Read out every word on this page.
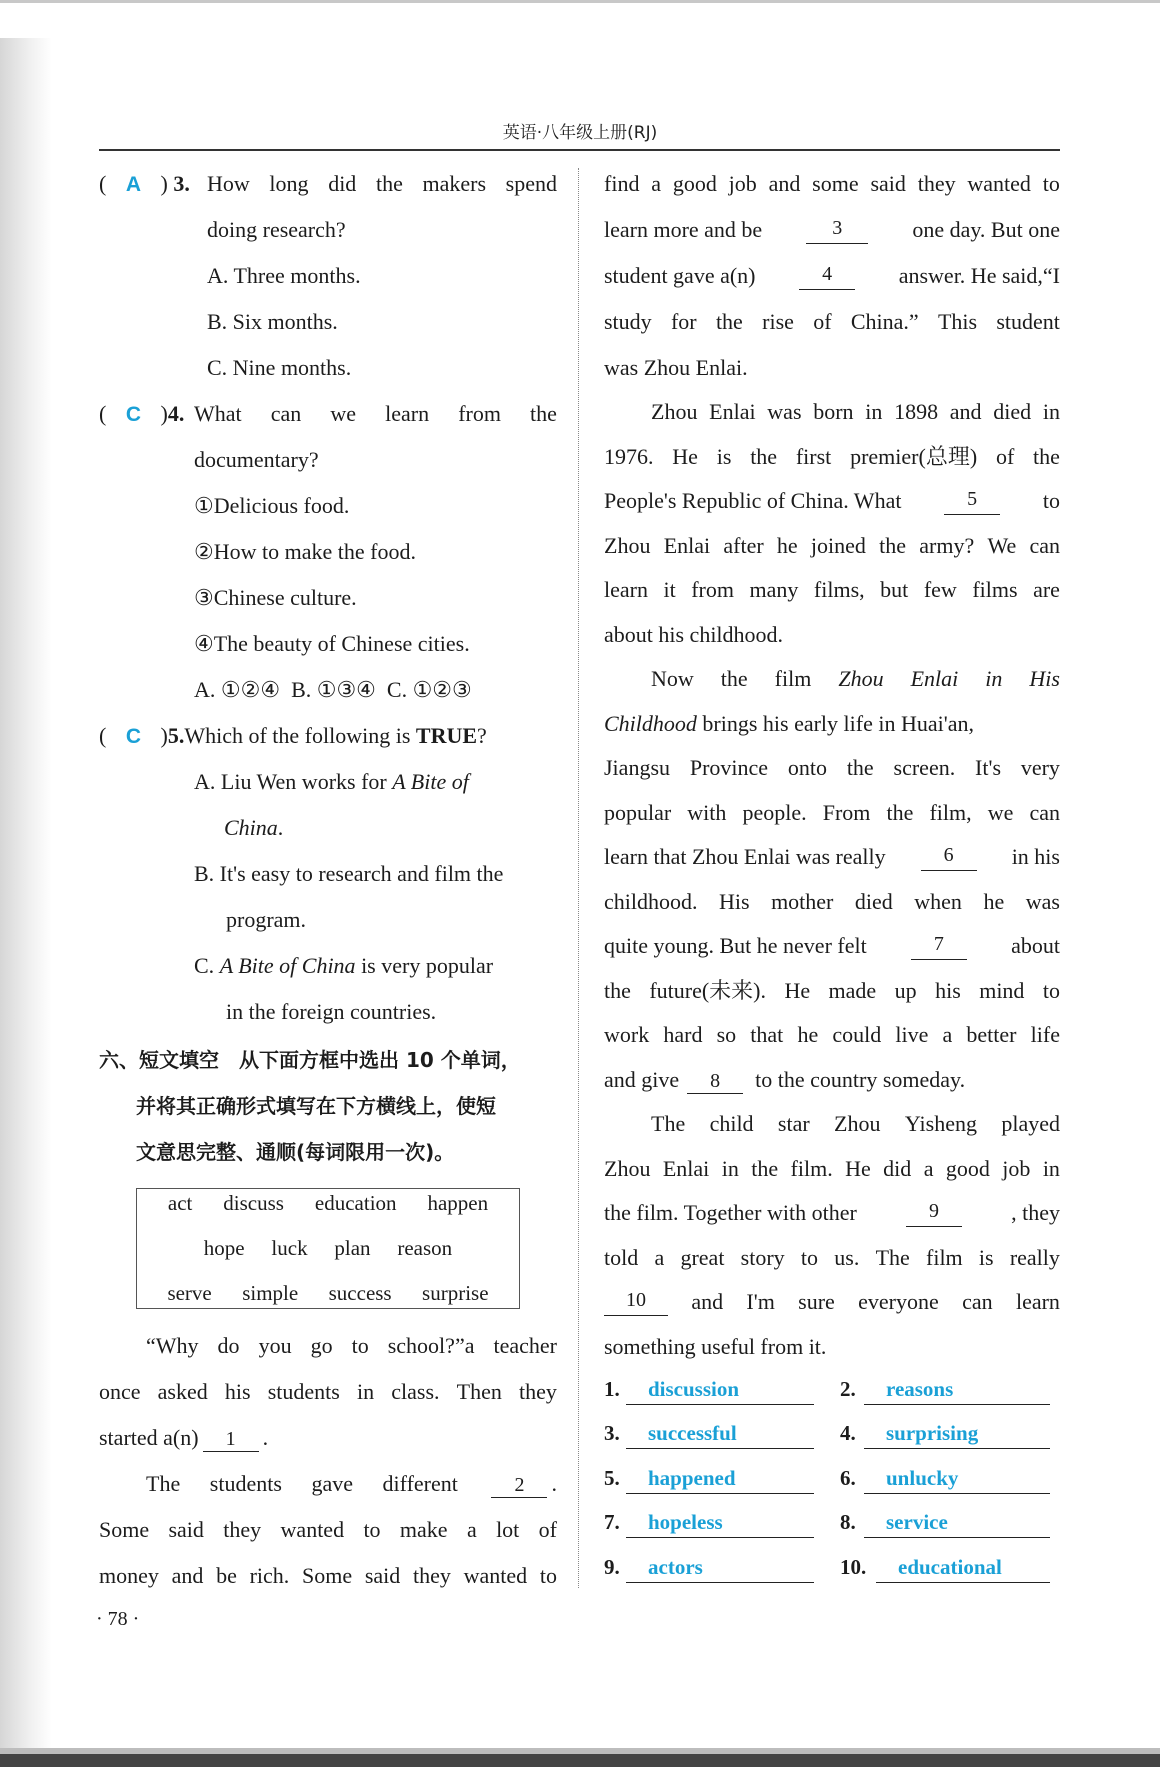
英语·八年级上册(RJ)
( A ) 3. How long did the makers spend
doing research?
A. Three months.
B. Six months.
C. Nine months.
( C )4. What can we learn from the
documentary?
①Delicious food.
②How to make the food.
③Chinese culture.
④The beauty of Chinese cities.
A. ①②④ B. ①③④ C. ①②③
( C )5.Which of the following is TRUE?
A. Liu Wen works for A Bite of
China.
B. It's easy to research and film the
program.
C. A Bite of China is very popular
in the foreign countries.
六、短文填空　从下面方框中选出 10 个单词，
并将其正确形式填写在下方横线上，使短
文意思完整、通顺(每词限用一次)。
act discuss education happen
hope luck plan reason
serve simple success surprise
“Why do you go to school?”a teacher
once asked his students in class. Then they
started a(n) 1 .
The students gave different	2 .
Some said they wanted to make a lot of
money and be rich. Some said they wanted to
· 78 ·
find a good job and some said they wanted to
learn more and be	3	one day. But one
student gave a(n)	4	answer. He said,“I
study for the rise of China.” This student
was Zhou Enlai.
Zhou Enlai was born in 1898 and died in
1976. He is the first premier(总理) of the
People's Republic of China. What	5	to
Zhou Enlai after he joined the army? We can
learn it from many films, but few films are
about his childhood.
Now the film Zhou Enlai in His
Childhood brings his early life in Huai'an,
Jiangsu Province onto the screen. It's very
popular with people. From the film, we can
learn that Zhou Enlai was really	6	in his
childhood. His mother died when he was
quite young. But he never felt	7	about
the future(未来). He made up his mind to
work hard so that he could live a better life
and give 8 to the country someday.
The child star Zhou Yisheng played
Zhou Enlai in the film. He did a good job in
the film. Together with other	9	, they
told a great story to us. The film is really
10	and I'm sure everyone can learn
something useful from it.
1.	discussion	2.	reasons
3.	successful	4.	surprising
5.	happened	6.	unlucky
7.	hopeless	8.	service
9.	actors	10.	educational
